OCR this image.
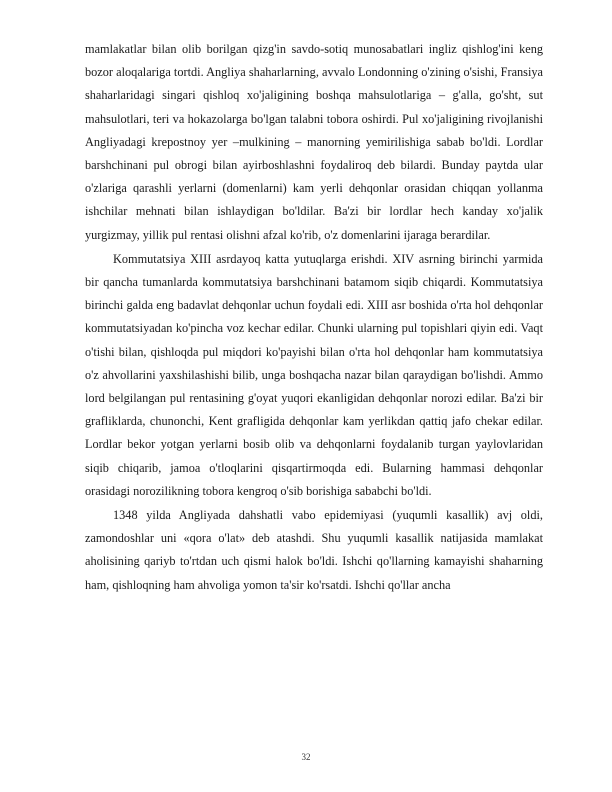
mamlakatlar bilan olib borilgan qizg'in savdo-sotiq munosabatlari ingliz qishlog'ini keng bozor aloqalariga tortdi. Angliya shaharlarning, avvalo Londonning o'zining o'sishi, Fransiya shaharlaridagi singari qishloq xo'jaligining boshqa mahsulotlariga – g'alla, go'sht, sut mahsulotlari, teri va hokazolarga bo'lgan talabni tobora oshirdi. Pul xo'jaligining rivojlanishi Angliyadagi krepostnoy yer –mulkining – manorning yemirilishiga sabab bo'ldi. Lordlar barshchinani pul obrogi bilan ayirboshlashni foydaliroq deb bilardi. Bunday paytda ular o'zlariga qarashli yerlarni (domenlarni) kam yerli dehqonlar orasidan chiqqan yollanma ishchilar mehnati bilan ishlaydigan bo'ldilar. Ba'zi bir lordlar hech kanday xo'jalik yurgizmay, yillik pul rentasi olishni afzal ko'rib, o'z domenlarini ijaraga berardilar.

Kommutatsiya XIII asrdayoq katta yutuqlarga erishdi. XIV asrning birinchi yarmida bir qancha tumanlarda kommutatsiya barshchinani batamom siqib chiqardi. Kommutatsiya birinchi galda eng badavlat dehqonlar uchun foydali edi. XIII asr boshida o'rta hol dehqonlar kommutatsiyadan ko'pincha voz kechar edilar. Chunki ularning pul topishlari qiyin edi. Vaqt o'tishi bilan, qishloqda pul miqdori ko'payishi bilan o'rta hol dehqonlar ham kommutatsiya o'z ahvollarini yaxshilashishi bilib, unga boshqacha nazar bilan qaraydigan bo'lishdi. Ammo lord belgilangan pul rentasining g'oyat yuqori ekanligidan dehqonlar norozi edilar. Ba'zi bir grafliklarda, chunonchi, Kent grafligida dehqonlar kam yerlikdan qattiq jafo chekar edilar. Lordlar bekor yotgan yerlarni bosib olib va dehqonlarni foydalanib turgan yaylovlaridan siqib chiqarib, jamoa o'tloqlarini qisqartirmoqda edi. Bularning hammasi dehqonlar orasidagi norozilikning tobora kengroq o'sib borishiga sababchi bo'ldi.

1348 yilda Angliyada dahshatli vabo epidemiyasi (yuqumli kasallik) avj oldi, zamondoshlar uni «qora o'lat» deb atashdi. Shu yuqumli kasallik natijasida mamlakat aholisining qariyb to'rtdan uch qismi halok bo'ldi. Ishchi qo'llarning kamayishi shaharning ham, qishloqning ham ahvoliga yomon ta'sir ko'rsatdi. Ishchi qo'llar ancha

32
